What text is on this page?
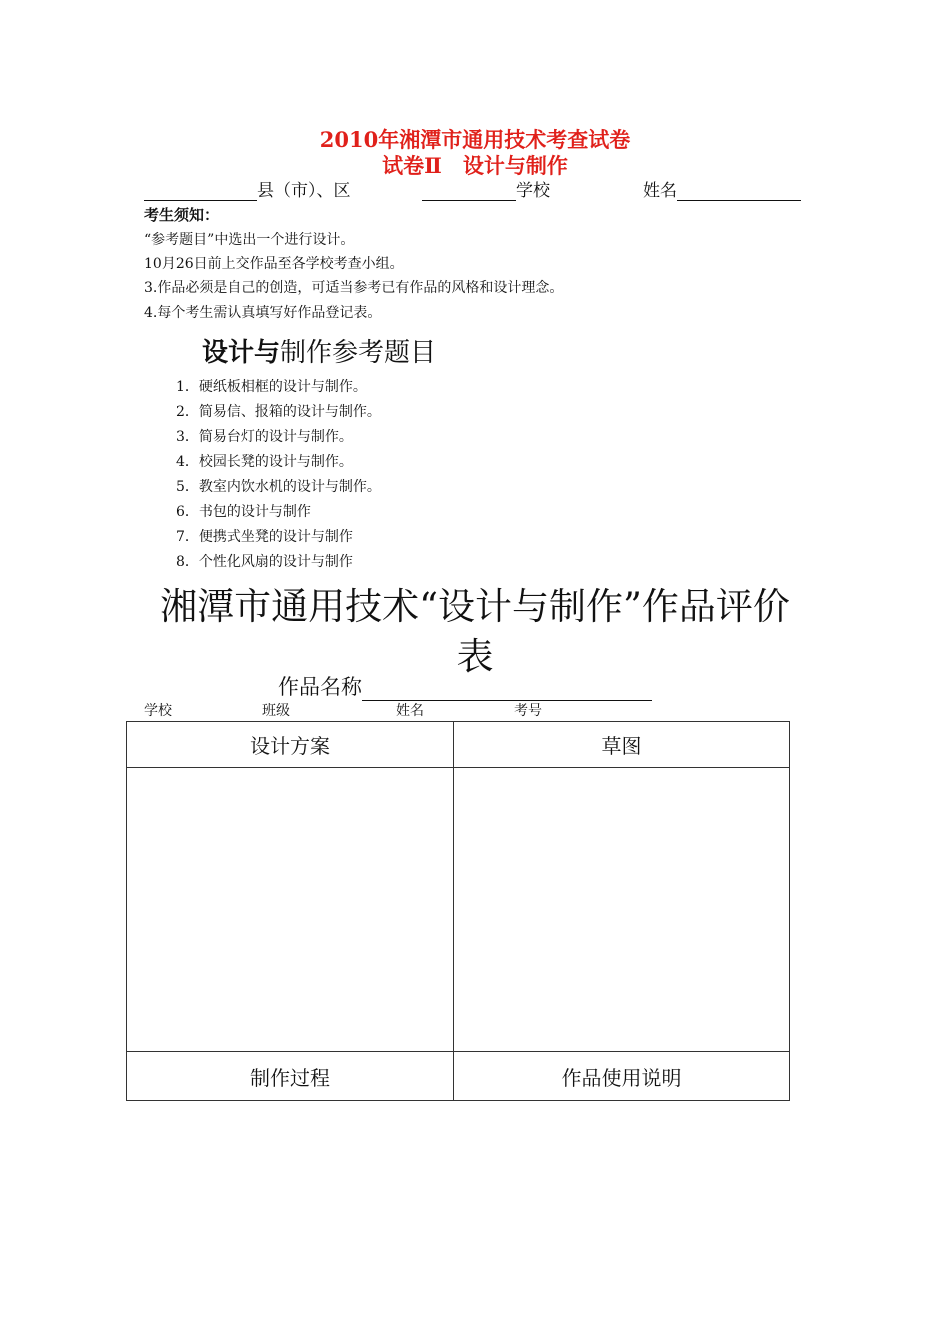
2010年湘潭市通用技术考查试卷
试卷Ⅱ　设计与制作
县（市）、区	学校	姓名
考生须知：
“参考题目”中选出一个进行设计。
10月26日前上交作品至各学校考查小组。
3.作品必须是自己的创造，可适当参考已有作品的风格和设计理念。
4.每个考生需认真填写好作品登记表。
设计与制作参考题目
1．硬纸板相框的设计与制作。
2．简易信、报箱的设计与制作。
3．简易台灯的设计与制作。
4．校园长凳的设计与制作。
5．教室内饮水机的设计与制作。
6．书包的设计与制作
7．便携式坐凳的设计与制作
8．个性化风扇的设计与制作
湘潭市通用技术“设计与制作”作品评价
表
作品名称
学校	班级	姓名	考号
设计方案	草图

制作过程	作品使用说明
